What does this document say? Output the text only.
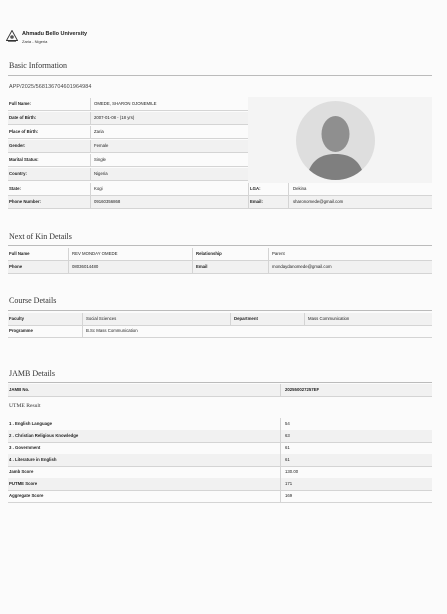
Ahmadu Bello University
Zaria - Nigeria
Basic Information
APP/2025/568136704601964984
Full Name:	OMEDE, SHARON OJONEMILE
Date of Birth:	2007-01-08 - (18 yrs)
Place of Birth:	Zaria
Gender:	Female
Marital Status:	Single
Country:	Nigeria
State:	Kogi	LGA:	Dekina
Phone Number:	09160356868	Email:	sharonomede@gmail.com
Next of Kin Details
Full Name	REV MONDAY OMEDE	Relationship	Parent
Phone	08036014480	Email	mondaydanomede@gmail.com
Course Details
Faculty	Social Sciences	Department	Mass Communication
Programme	B.Sc Mass Communication
JAMB Details
JAMB No.	202550027257EF
UTME Result
1 . English Language	54
2 . Christian Religious Knowledge	63
3 . Government	61
4 . Literature in English	61
Jamb Score	130.00
PUTME Score	171
Aggregate Score	169
